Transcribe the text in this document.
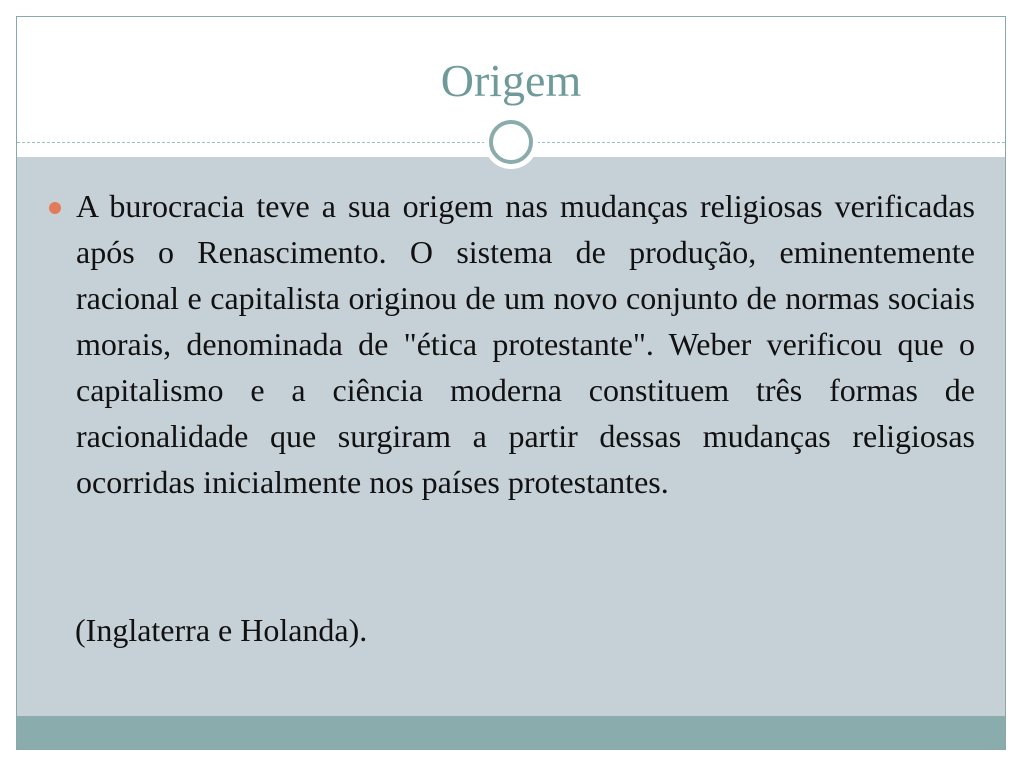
Origem
A burocracia teve a sua origem nas mudanças religiosas verificadas após o Renascimento. O sistema de produção, eminentemente racional e capitalista originou de um novo conjunto de normas sociais morais, denominada de "ética protestante". Weber verificou que o capitalismo e a ciência moderna constituem três formas de racionalidade que surgiram a partir dessas mudanças religiosas ocorridas inicialmente nos países protestantes.
(Inglaterra e Holanda).
